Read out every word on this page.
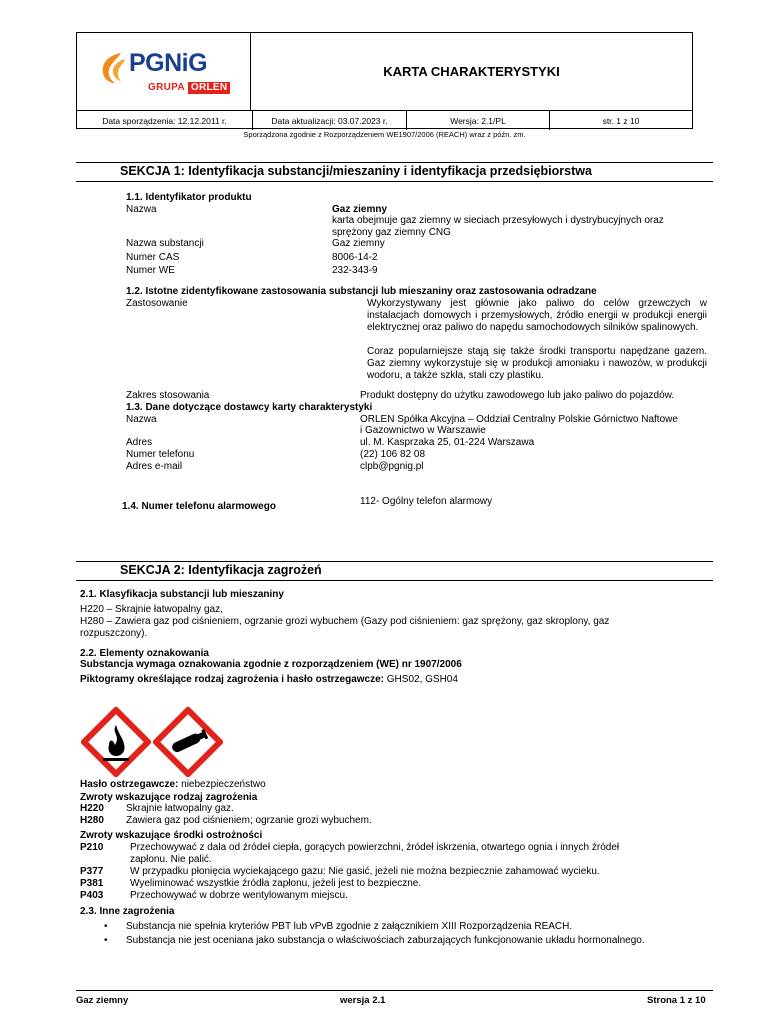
PGNiG
GRUPA ORLEN
KARTA CHARAKTERYSTYKI
Data sporządzenia: 12.12.2011 r.	Data aktualizacji: 03.07.2023 r.	Wersja: 2.1/PL	str. 1 z 10
Sporządzona zgodnie z Rozporządzeniem WE1907/2006 (REACH) wraz z późn. zm.
SEKCJA 1: Identyfikacja substancji/mieszaniny i identyfikacja przedsiębiorstwa
1.1. Identyfikator produktu
Nazwa	Gaz ziemny
karta obejmuje gaz ziemny w sieciach przesyłowych i dystrybucyjnych oraz
sprężony gaz ziemny CNG
Nazwa substancji	Gaz ziemny
Numer CAS	8006-14-2
Numer WE	232-343-9
1.2. Istotne zidentyfikowane zastosowania substancji lub mieszaniny oraz zastosowania odradzane
Zastosowanie	Wykorzystywany jest głównie jako paliwo do celów grzewczych w instalacjach domowych i przemysłowych, źródło energii w produkcji energii elektrycznej oraz paliwo do napędu samochodowych silników spalinowych.
Coraz popularniejsze stają się także środki transportu napędzane gazem. Gaz ziemny wykorzystuje się w produkcji amoniaku i nawozów, w produkcji wodoru, a także szkła, stali czy plastiku.
Zakres stosowania	Produkt dostępny do użytku zawodowego lub jako paliwo do pojazdów.
1.3. Dane dotyczące dostawcy karty charakterystyki
Nazwa	ORLEN Spółka Akcyjna – Oddział Centralny Polskie Górnictwo Naftowe
i Gazownictwo w Warszawie
Adres	ul. M. Kasprzaka 25, 01-224 Warszawa
Numer telefonu	(22) 106 82 08
Adres e-mail	clpb@pgnig.pl
1.4. Numer telefonu alarmowego	112- Ogólny telefon alarmowy
SEKCJA 2: Identyfikacja zagrożeń
2.1. Klasyfikacja substancji lub mieszaniny
H220 – Skrajnie łatwopalny gaz,
H280 – Zawiera gaz pod ciśnieniem, ogrzanie grozi wybuchem (Gazy pod ciśnieniem: gaz sprężony, gaz skroplony, gaz
rozpuszczony).
2.2. Elementy oznakowania
Substancja wymaga oznakowania zgodnie z rozporządzeniem (WE) nr 1907/2006
Piktogramy określające rodzaj zagrożenia i hasło ostrzegawcze: GHS02, GSH04
Hasło ostrzegawcze: niebezpieczeństwo
Zwroty wskazujące rodzaj zagrożenia
H220 Skrajnie łatwopalny gaz.
H280 Zawiera gaz pod ciśnieniem; ogrzanie grozi wybuchem.
Zwroty wskazujące środki ostrożności
P210	Przechowywać z dala od źródeł ciepła, gorących powierzchni, źródeł iskrzenia, otwartego ognia i innych źródeł
zapłonu. Nie palić.
P377	W przypadku płonięcia wyciekającego gazu: Nie gasić, jeżeli nie można bezpiecznie zahamować wycieku.
P381	Wyeliminować wszystkie źródła zapłonu, jeżeli jest to bezpieczne.
P403	Przechowywać w dobrze wentylowanym miejscu.
2.3. Inne zagrożenia
• Substancja nie spełnia kryteriów PBT lub vPvB zgodnie z załącznikiem XIII Rozporządzenia REACH.
• Substancja nie jest oceniana jako substancja o właściwościach zaburzających funkcjonowanie układu hormonalnego.
Gaz ziemny	wersja 2.1	Strona 1 z 10
